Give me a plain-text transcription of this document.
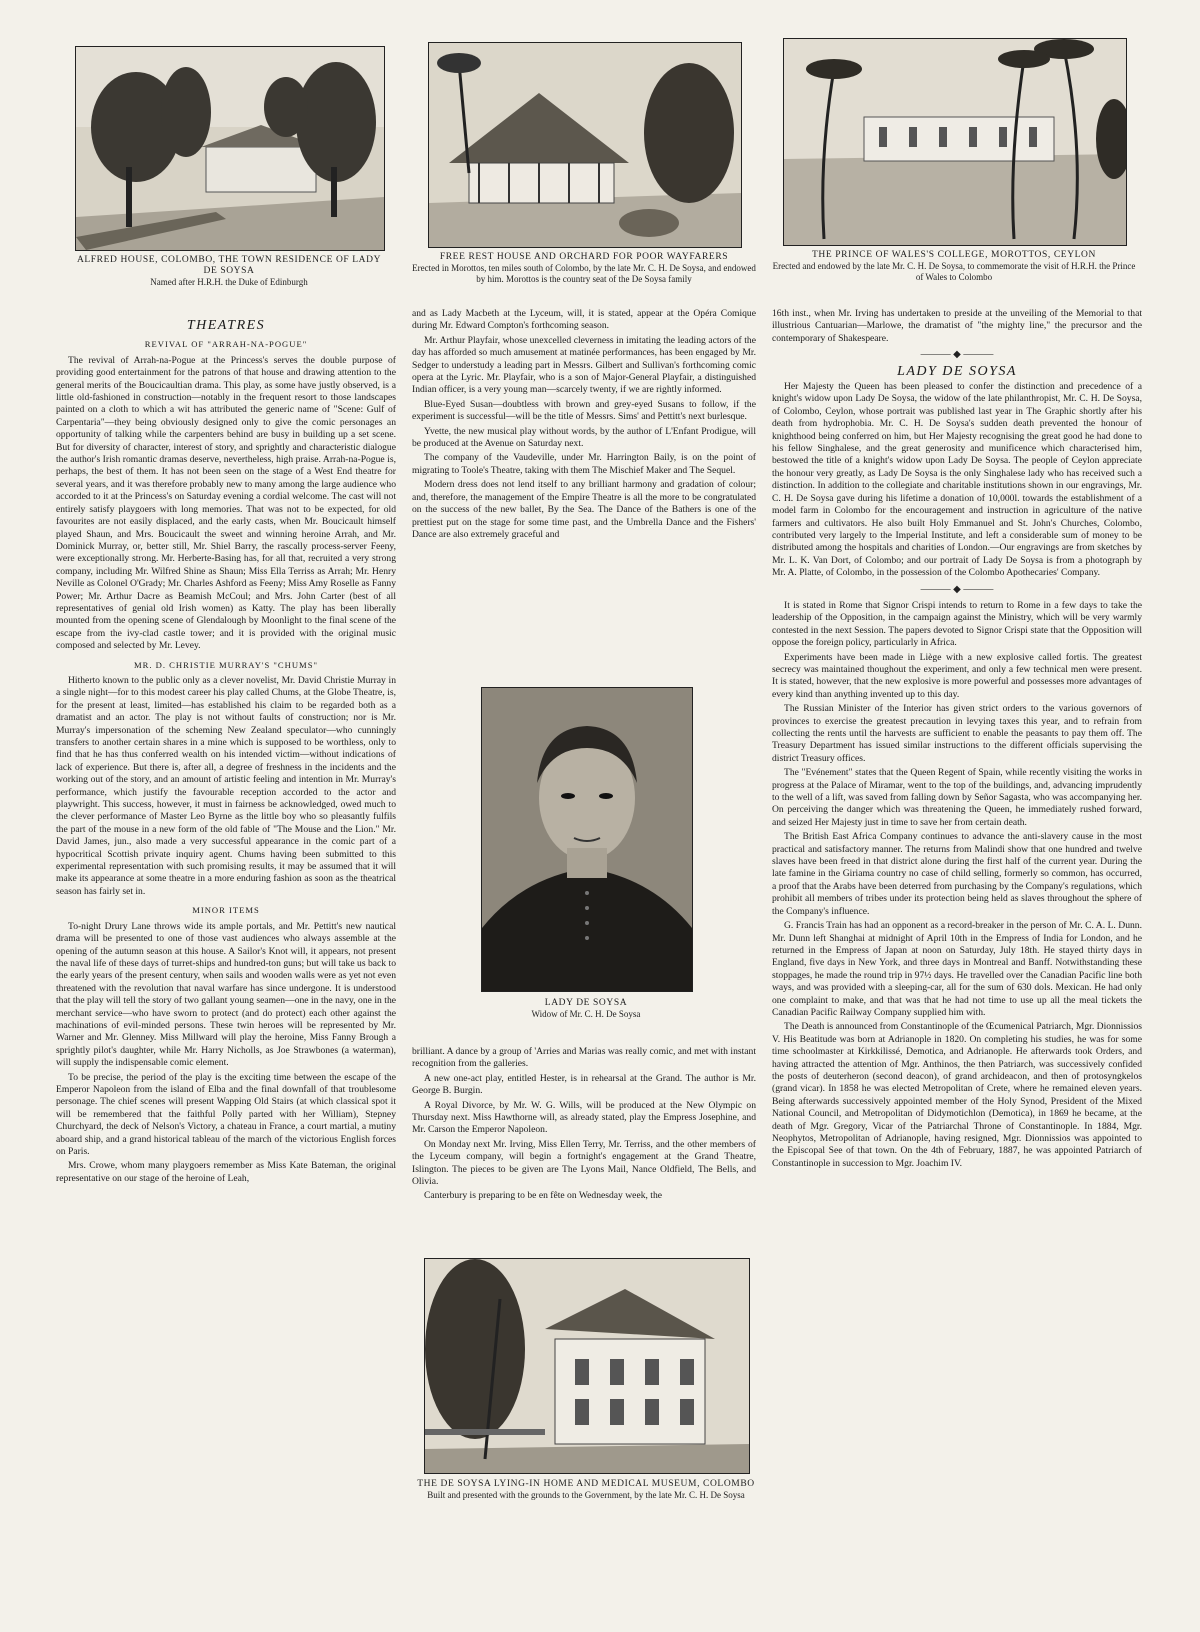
ALFRED HOUSE, COLOMBO, THE TOWN RESIDENCE OF LADY DE SOYSA
Named after H.R.H. the Duke of Edinburgh
FREE REST HOUSE AND ORCHARD FOR POOR WAYFARERS
Erected in Morottos, ten miles south of Colombo, by the late Mr. C. H. De Soysa, and endowed by him. Morottos is the country seat of the De Soysa family
THE PRINCE OF WALES'S COLLEGE, MOROTTOS, CEYLON
Erected and endowed by the late Mr. C. H. De Soysa, to commemorate the visit of H.R.H. the Prince of Wales to Colombo
THEATRES
REVIVAL OF "ARRAH-NA-POGUE"

The revival of Arrah-na-Pogue at the Princess's serves the double purpose of providing good entertainment for the patrons of that house and drawing attention to the general merits of the Boucicaultian drama. This play, as some have justly observed, is a little old-fashioned in construction—notably in the frequent resort to those landscapes painted on a cloth to which a wit has attributed the generic name of "Scene: Gulf of Carpentaria"—they being obviously designed only to give the comic personages an opportunity of talking while the carpenters behind are busy in building up a set scene. But for diversity of character, interest of story, and sprightly and characteristic dialogue the author's Irish romantic dramas deserve, nevertheless, high praise. Arrah-na-Pogue is, perhaps, the best of them. It has not been seen on the stage of a West End theatre for several years, and it was therefore probably new to many among the large audience who accorded to it at the Princess's on Saturday evening a cordial welcome. The cast will not entirely satisfy playgoers with long memories. That was not to be expected, for old favourites are not easily displaced, and the early casts, when Mr. Boucicault himself played Shaun, and Mrs. Boucicault the sweet and winning heroine Arrah, and Mr. Dominick Murray, or, better still, Mr. Shiel Barry, the rascally process-server Feeny, were exceptionally strong. Mr. Herberte-Basing has, for all that, recruited a very strong company, including Mr. Wilfred Shine as Shaun; Miss Ella Terriss as Arrah; Mr. Henry Neville as Colonel O'Grady; Mr. Charles Ashford as Feeny; Miss Amy Roselle as Fanny Power; Mr. Arthur Dacre as Beamish McCoul; and Mrs. John Carter (best of all representatives of genial old Irish women) as Katty. The play has been liberally mounted from the opening scene of Glendalough by Moonlight to the final scene of the escape from the ivy-clad castle tower; and it is provided with the original music composed and selected by Mr. Levey.

MR. D. CHRISTIE MURRAY'S "CHUMS"

Hitherto known to the public only as a clever novelist, Mr. David Christie Murray in a single night—for to this modest career his play called Chums, at the Globe Theatre, is, for the present at least, limited—has established his claim to be regarded both as a dramatist and an actor. The play is not without faults of construction; nor is Mr. Murray's impersonation of the scheming New Zealand speculator—who cunningly transfers to another certain shares in a mine which is supposed to be worthless, only to find that he has thus conferred wealth on his intended victim—without indications of lack of experience. But there is, after all, a degree of freshness in the incidents and the working out of the story, and an amount of artistic feeling and intention in Mr. Murray's performance, which justify the favourable reception accorded to the actor and playwright. This success, however, it must in fairness be acknowledged, owed much to the clever performance of Master Leo Byrne as the little boy who so pleasantly fulfils the part of the mouse in a new form of the old fable of "The Mouse and the Lion." Mr. David James, jun., also made a very successful appearance in the comic part of a hypocritical Scottish private inquiry agent. Chums having been submitted to this experimental representation with such promising results, it may be assumed that it will make its appearance at some theatre in a more enduring fashion as soon as the theatrical season has fairly set in.

MINOR ITEMS

To-night Drury Lane throws wide its ample portals, and Mr. Pettitt's new nautical drama will be presented to one of those vast audiences who always assemble at the opening of the autumn season at this house. A Sailor's Knot will, it appears, not present the naval life of these days of turret-ships and hundred-ton guns; but will take us back to the early years of the present century, when sails and wooden walls were as yet not even threatened with the revolution that naval warfare has since undergone. It is understood that the play will tell the story of two gallant young seamen—one in the navy, one in the merchant service—who have sworn to protect (and do protect) each other against the machinations of evil-minded persons. These twin heroes will be represented by Mr. Warner and Mr. Glenney. Miss Millward will play the heroine, Miss Fanny Brough a sprightly pilot's daughter, while Mr. Harry Nicholls, as Joe Strawbones (a waterman), will supply the indispensable comic element.

To be precise, the period of the play is the exciting time between the escape of the Emperor Napoleon from the island of Elba and the final downfall of that troublesome personage. The chief scenes will present Wapping Old Stairs (at which classical spot it will be remembered that the faithful Polly parted with her William), Stepney Churchyard, the deck of Nelson's Victory, a chateau in France, a court martial, a mutiny aboard ship, and a grand historical tableau of the march of the victorious English forces on Paris.

Mrs. Crowe, whom many playgoers remember as Miss Kate Bateman, the original representative on our stage of the heroine of Leah,

and as Lady Macbeth at the Lyceum, will, it is stated, appear at the Opéra Comique during Mr. Edward Compton's forthcoming season.

Mr. Arthur Playfair, whose unexcelled cleverness in imitating the leading actors of the day has afforded so much amusement at matinée performances, has been engaged by Mr. Sedger to understudy a leading part in Messrs. Gilbert and Sullivan's forthcoming comic opera at the Lyric. Mr. Playfair, who is a son of Major-General Playfair, a distinguished Indian officer, is a very young man—scarcely twenty, if we are rightly informed.

Blue-Eyed Susan—doubtless with brown and grey-eyed Susans to follow, if the experiment is successful—will be the title of Messrs. Sims' and Pettitt's next burlesque.

Yvette, the new musical play without words, by the author of L'Enfant Prodigue, will be produced at the Avenue on Saturday next.

The company of the Vaudeville, under Mr. Harrington Baily, is on the point of migrating to Toole's Theatre, taking with them The Mischief Maker and The Sequel.

Modern dress does not lend itself to any brilliant harmony and gradation of colour; and, therefore, the management of the Empire Theatre is all the more to be congratulated on the success of the new ballet, By the Sea. The Dance of the Bathers is one of the prettiest put on the stage for some time past, and the Umbrella Dance and the Fishers' Dance are also extremely graceful and

LADY DE SOYSA
Widow of Mr. C. H. De Soysa

brilliant. A dance by a group of 'Arries and Marias was really comic, and met with instant recognition from the galleries.

A new one-act play, entitled Hester, is in rehearsal at the Grand. The author is Mr. George B. Burgin.

A Royal Divorce, by Mr. W. G. Wills, will be produced at the New Olympic on Thursday next. Miss Hawthorne will, as already stated, play the Empress Josephine, and Mr. Carson the Emperor Napoleon.

On Monday next Mr. Irving, Miss Ellen Terry, Mr. Terriss, and the other members of the Lyceum company, will begin a fortnight's engagement at the Grand Theatre, Islington. The pieces to be given are The Lyons Mail, Nance Oldfield, The Bells, and Olivia.

Canterbury is preparing to be en fête on Wednesday week, the

THE DE SOYSA LYING-IN HOME AND MEDICAL MUSEUM, COLOMBO
Built and presented with the grounds to the Government, by the late Mr. C. H. De Soysa

16th inst., when Mr. Irving has undertaken to preside at the unveiling of the Memorial to that illustrious Cantuarian—Marlowe, the dramatist of "the mighty line," the precursor and the contemporary of Shakespeare.

——— ◆ ———
LADY DE SOYSA

Her Majesty the Queen has been pleased to confer the distinction and precedence of a knight's widow upon Lady De Soysa, the widow of the late philanthropist, Mr. C. H. De Soysa, of Colombo, Ceylon, whose portrait was published last year in The Graphic shortly after his death from hydrophobia. Mr. C. H. De Soysa's sudden death prevented the honour of knighthood being conferred on him, but Her Majesty recognising the great good he had done to his fellow Singhalese, and the great generosity and munificence which characterised him, bestowed the title of a knight's widow upon Lady De Soysa. The people of Ceylon appreciate the honour very greatly, as Lady De Soysa is the only Singhalese lady who has received such a distinction. In addition to the collegiate and charitable institutions shown in our engravings, Mr. C. H. De Soysa gave during his lifetime a donation of 10,000l. towards the establishment of a model farm in Colombo for the encouragement and instruction in agriculture of the native farmers and cultivators. He also built Holy Emmanuel and St. John's Churches, Colombo, contributed very largely to the Imperial Institute, and left a considerable sum of money to be distributed among the hospitals and charities of London.—Our engravings are from sketches by Mr. L. K. Van Dort, of Colombo; and our portrait of Lady De Soysa is from a photograph by Mr. A. Platte, of Colombo, in the possession of the Colombo Apothecaries' Company.

——— ◆ ———

It is stated in Rome that Signor Crispi intends to return to Rome in a few days to take the leadership of the Opposition, in the campaign against the Ministry, which will be very warmly contested in the next Session. The papers devoted to Signor Crispi state that the Opposition will oppose the foreign policy, particularly in Africa.

Experiments have been made in Liège with a new explosive called fortis. The greatest secrecy was maintained thoughout the experiment, and only a few technical men were present. It is stated, however, that the new explosive is more powerful and possesses more advantages of every kind than anything invented up to this day.

The Russian Minister of the Interior has given strict orders to the various governors of provinces to exercise the greatest precaution in levying taxes this year, and to refrain from collecting the rents until the harvests are sufficient to enable the peasants to pay them off. The Treasury Department has issued similar instructions to the different officials supervising the district Treasury offices.

The "Evénement" states that the Queen Regent of Spain, while recently visiting the works in progress at the Palace of Miramar, went to the top of the buildings, and, advancing imprudently to the well of a lift, was saved from falling down by Señor Sagasta, who was accompanying her. On perceiving the danger which was threatening the Queen, he immediately rushed forward, and seized Her Majesty just in time to save her from certain death.

The British East Africa Company continues to advance the anti-slavery cause in the most practical and satisfactory manner. The returns from Malindi show that one hundred and twelve slaves have been freed in that district alone during the first half of the current year. During the late famine in the Giriama country no case of child selling, formerly so common, has occurred, a proof that the Arabs have been deterred from purchasing by the Company's regulations, which prohibit all members of tribes under its protection being held as slaves throughout the sphere of the Company's influence.

G. Francis Train has had an opponent as a record-breaker in the person of Mr. C. A. L. Dunn. Mr. Dunn left Shanghai at midnight of April 10th in the Empress of India for London, and he returned in the Empress of Japan at noon on Saturday, July 18th. He stayed thirty days in England, five days in New York, and three days in Montreal and Banff. Notwithstanding these stoppages, he made the round trip in 97½ days. He travelled over the Canadian Pacific line both ways, and was provided with a sleeping-car, all for the sum of 630 dols. Mexican. He had only one complaint to make, and that was that he had not time to use up all the meal tickets the Canadian Pacific Railway Company supplied him with.

The Death is announced from Constantinople of the Œcumenical Patriarch, Mgr. Dionnissios V. His Beatitude was born at Adrianople in 1820. On completing his studies, he was for some time schoolmaster at Kirkkilissé, Demotica, and Adrianople. He afterwards took Orders, and having attracted the attention of Mgr. Anthinos, the then Patriarch, was successively confided the posts of deuterheron (second deacon), of grand archideacon, and then of protosyngkelos (grand vicar). In 1858 he was elected Metropolitan of Crete, where he remained eleven years. Being afterwards successively appointed member of the Holy Synod, President of the Mixed National Council, and Metropolitan of Didymotichlon (Demotica), in 1869 he became, at the death of Mgr. Gregory, Vicar of the Patriarchal Throne of Constantinople. In 1884, Mgr. Neophytos, Metropolitan of Adrianople, having resigned, Mgr. Dionnissios was appointed to the Episcopal See of that town. On the 4th of February, 1887, he was appointed Patriarch of Constantinople in succession to Mgr. Joachim IV.
